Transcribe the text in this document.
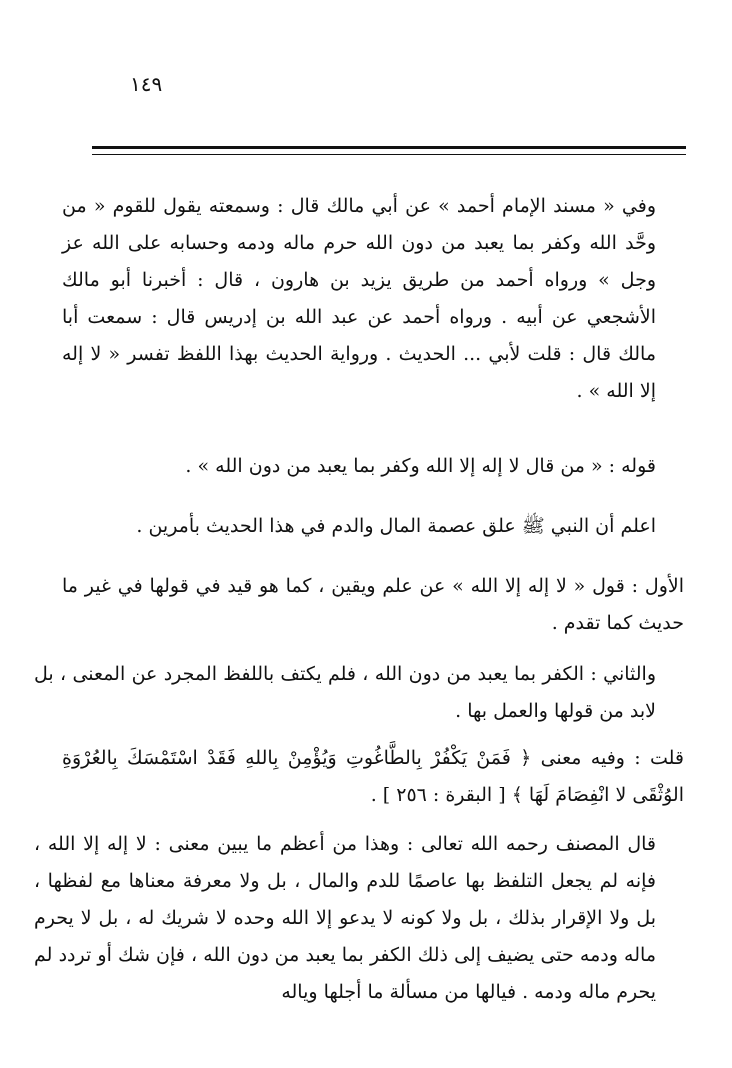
١٤٩

وفي « مسند الإمام أحمد » عن أبي مالك قال : وسمعته يقول للقوم « من وحَّد الله وكفر بما يعبد من دون الله حرم ماله ودمه وحسابه على الله عز وجل » ورواه أحمد من طريق يزيد بن هارون ، قال : أخبرنا أبو مالك الأشجعي عن أبيه . ورواه أحمد عن عبد الله بن إدريس قال : سمعت أبا مالك قال : قلت لأبي ... الحديث . ورواية الحديث بهذا اللفظ تفسر « لا إله إلا الله » .

قوله : « من قال لا إله إلا الله وكفر بما يعبد من دون الله » .

اعلم أن النبي ﷺ علق عصمة المال والدم في هذا الحديث بأمرين .

الأول : قول « لا إله إلا الله » عن علم ويقين ، كما هو قيد في قولها في غير ما حديث كما تقدم .

والثاني : الكفر بما يعبد من دون الله ، فلم يكتف باللفظ المجرد عن المعنى ، بل لابد من قولها والعمل بها .

قلت : وفيه معنى ﴿ فَمَنْ يَكْفُرْ بِالطَّاغُوتِ وَيُؤْمِنْ بِاللهِ فَقَدْ اسْتَمْسَكَ بِالعُرْوَةِ الوُثْقَى لا انْفِصَامَ لَهَا ﴾ [ البقرة : ٢٥٦ ] .

قال المصنف رحمه الله تعالى : وهذا من أعظم ما يبين معنى : لا إله إلا الله ، فإنه لم يجعل التلفظ بها عاصمًا للدم والمال ، بل ولا معرفة معناها مع لفظها ، بل ولا الإقرار بذلك ، بل ولا كونه لا يدعو إلا الله وحده لا شريك له ، بل لا يحرم ماله ودمه حتى يضيف إلى ذلك الكفر بما يعبد من دون الله ، فإن شك أو تردد لم يحرم ماله ودمه . فيالها من مسألة ما أجلها وياله
